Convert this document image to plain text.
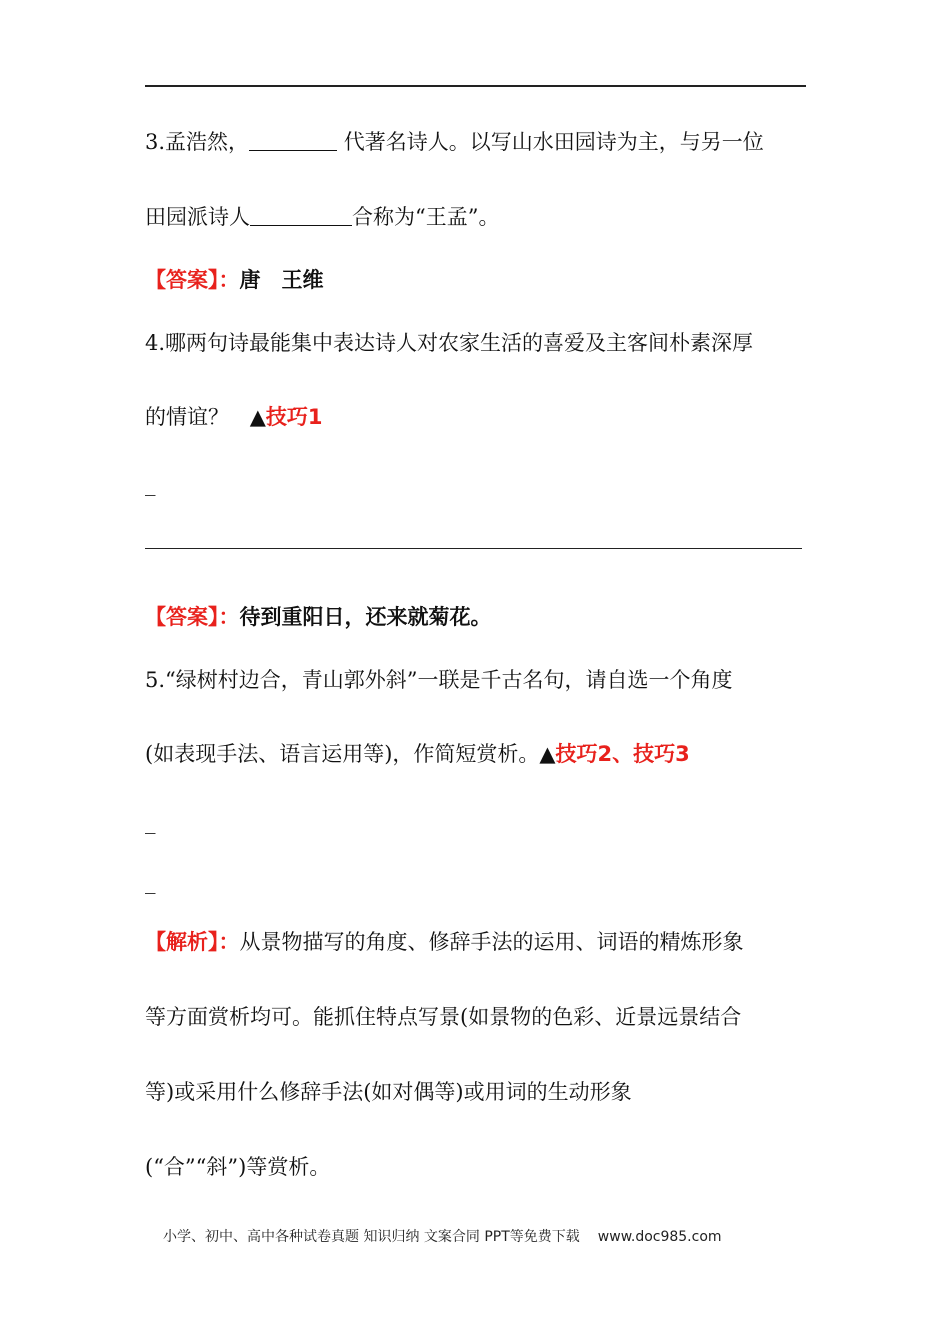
3.孟浩然，	代著名诗人。以写山水田园诗为主，与另一位
田园派诗人	合称为“王孟”。
【答案】：唐　王维
4.哪两句诗最能集中表达诗人对农家生活的喜爱及主客间朴素深厚
的情谊？ ▲技巧1
_
【答案】：待到重阳日，还来就菊花。
5.“绿树村边合，青山郭外斜”一联是千古名句，请自选一个角度
(如表现手法、语言运用等)，作简短赏析。▲技巧2、技巧3
_
_
【解析】：从景物描写的角度、修辞手法的运用、词语的精炼形象
等方面赏析均可。能抓住特点写景(如景物的色彩、近景远景结合
等)或采用什么修辞手法(如对偶等)或用词的生动形象
(“合”“斜”)等赏析。
小学、初中、高中各种试卷真题 知识归纳 文案合同 PPT等免费下载 www.doc985.com
